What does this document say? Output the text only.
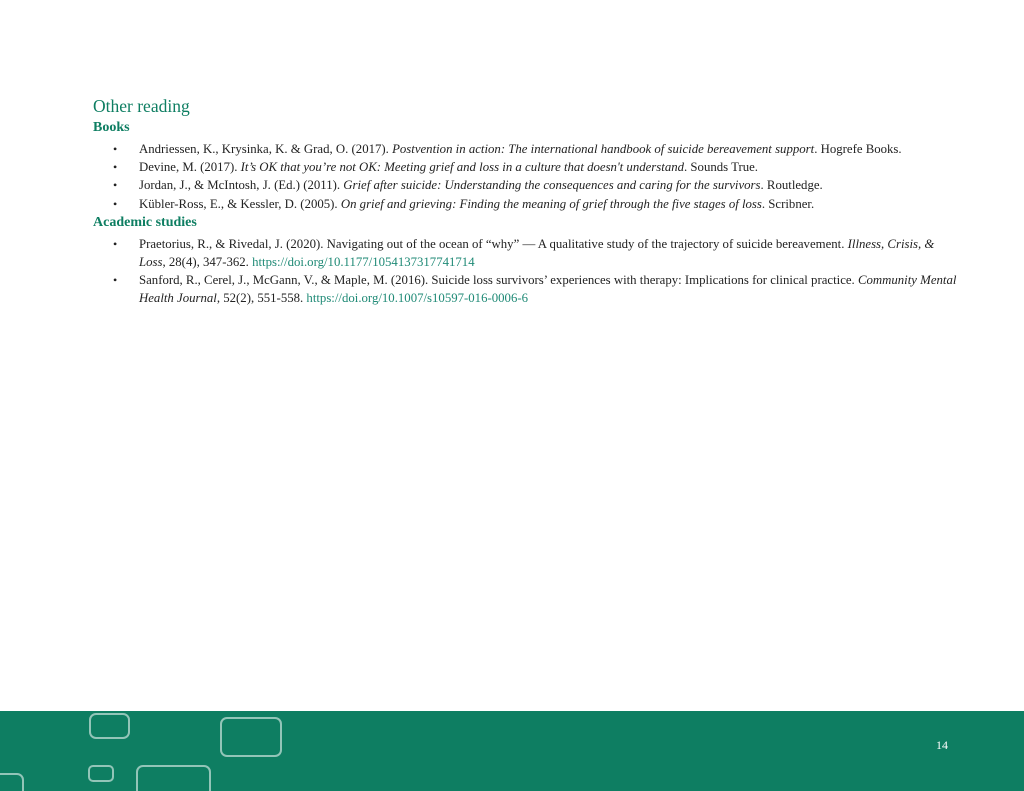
Other reading
Books
• Andriessen, K., Krysinka, K. & Grad, O. (2017). Postvention in action: The international handbook of suicide bereavement support. Hogrefe Books.
• Devine, M. (2017). It’s OK that you’re not OK: Meeting grief and loss in a culture that doesn't understand. Sounds True.
• Jordan, J., & McIntosh, J. (Ed.) (2011). Grief after suicide: Understanding the consequences and caring for the survivors. Routledge.
• Kübler-Ross, E., & Kessler, D. (2005). On grief and grieving: Finding the meaning of grief through the five stages of loss. Scribner.
Academic studies
• Praetorius, R., & Rivedal, J. (2020). Navigating out of the ocean of “why” — A qualitative study of the trajectory of suicide bereavement. Illness, Crisis, & Loss, 28(4), 347-362. https://doi.org/10.1177/1054137317741714
• Sanford, R., Cerel, J., McGann, V., & Maple, M. (2016). Suicide loss survivors’ experiences with therapy: Implications for clinical practice. Community Mental Health Journal, 52(2), 551-558. https://doi.org/10.1007/s10597-016-0006-6
14
